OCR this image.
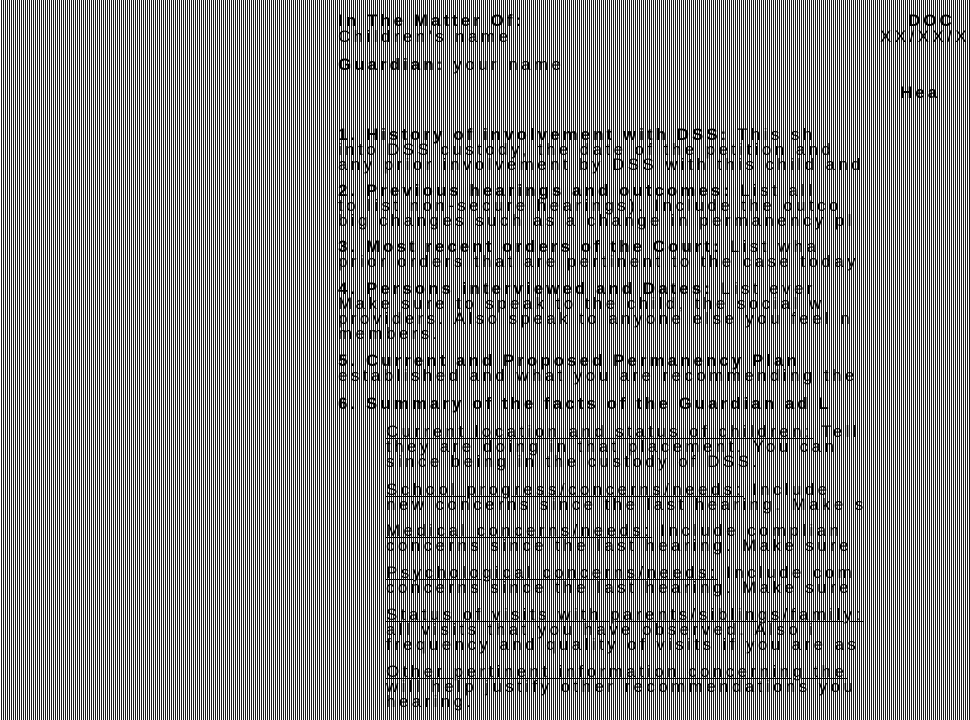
In The Matter Of:	DOC
Children's name	XX/XX/X
Guardian: your name
Hea
1. History of involvement with DSS: This sh
into DSS custody, the date of the petition and
any prior involvement by DSS with this child and
2. Previous hearings and outcomes: List all
to list non-secure hearings). Include the outco
big changes such as a change in permanency pl
3. Most recent orders of the Court: List wha
prior orders that are pertinent to the case today
4. Persons interviewed and Dates: List ever
Make sure to speak to the child, the social w
providers. Also speak to anyone else you feel n
members.
5. Current and Proposed Permanency Plan
established and what you are recommending the
6. Summary of the facts of the Guardian ad L
Current location and status of children: Tell
they are doing in that placement. You can
since being in the custody of DSS.
School progress/concerns/needs: Include
new concerns since the last hearing. Make s
Medical concerns/needs: Include complian
concerns since the last hearing. Make sure
Psychological concerns/needs: Include com
concerns since the last hearing. Make sure
Status of visits with parents/siblings/family:
all visits that you have observed. Also i
frequency and quality of visits if you are as
Other pertinent information concerning the
will help justify other recommendations you
hearing.
